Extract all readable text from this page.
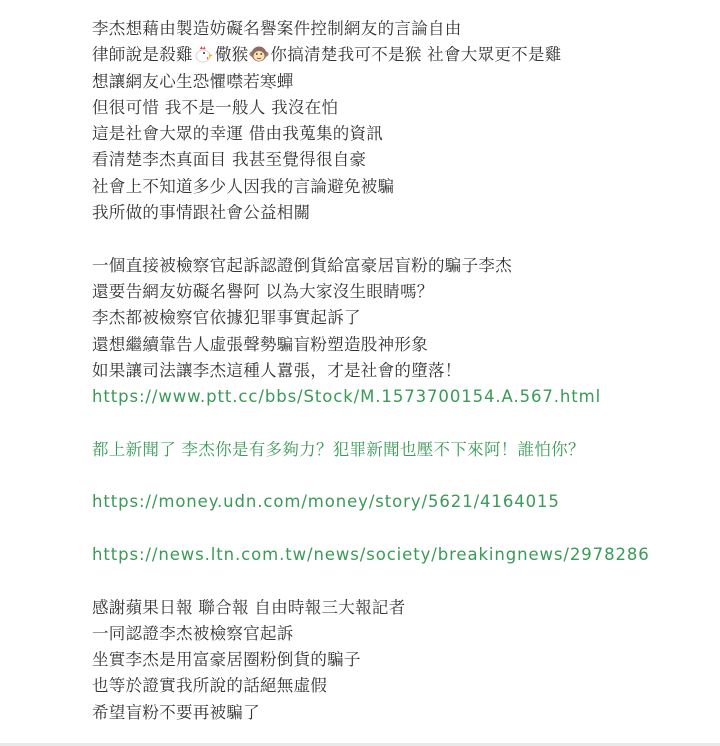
李杰想藉由製造妨礙名譽案件控制網友的言論自由
律師說是殺雞 儆猴 你搞清楚我可不是猴 社會大眾更不是雞
想讓網友心生恐懼噤若寒蟬
但很可惜 我不是一般人 我沒在怕
這是社會大眾的幸運 借由我蒐集的資訊
看清楚李杰真面目 我甚至覺得很自豪
社會上不知道多少人因我的言論避免被騙
我所做的事情跟社會公益相關
一個直接被檢察官起訴認證倒貨給富豪居盲粉的騙子李杰
還要告網友妨礙名譽阿 以為大家沒生眼睛嗎？
李杰都被檢察官依據犯罪事實起訴了
還想繼續靠告人虛張聲勢騙盲粉塑造股神形象
如果讓司法讓李杰這種人囂張，才是社會的墮落！
https://www.ptt.cc/bbs/Stock/M.1573700154.A.567.html
都上新聞了 李杰你是有多夠力？犯罪新聞也壓不下來阿！誰怕你？
https://money.udn.com/money/story/5621/4164015
https://news.ltn.com.tw/news/society/breakingnews/2978286
感謝蘋果日報 聯合報 自由時報三大報記者
一同認證李杰被檢察官起訴
坐實李杰是用富豪居圈粉倒貨的騙子
也等於證實我所說的話絕無虛假
希望盲粉不要再被騙了
